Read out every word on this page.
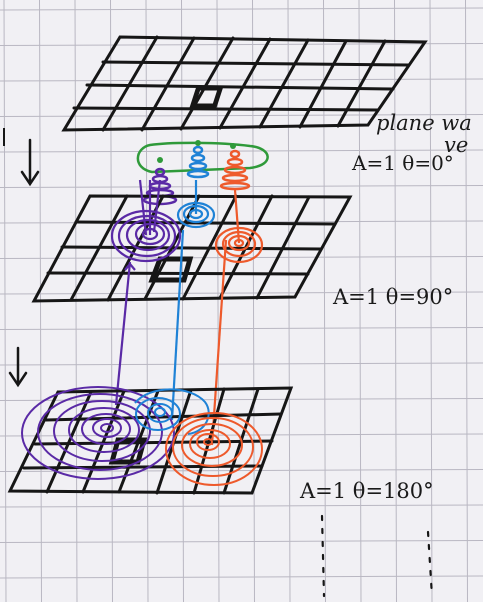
plane wa
ve
A=1 θ=0°
A=1 θ=90°
A=1 θ=180°
